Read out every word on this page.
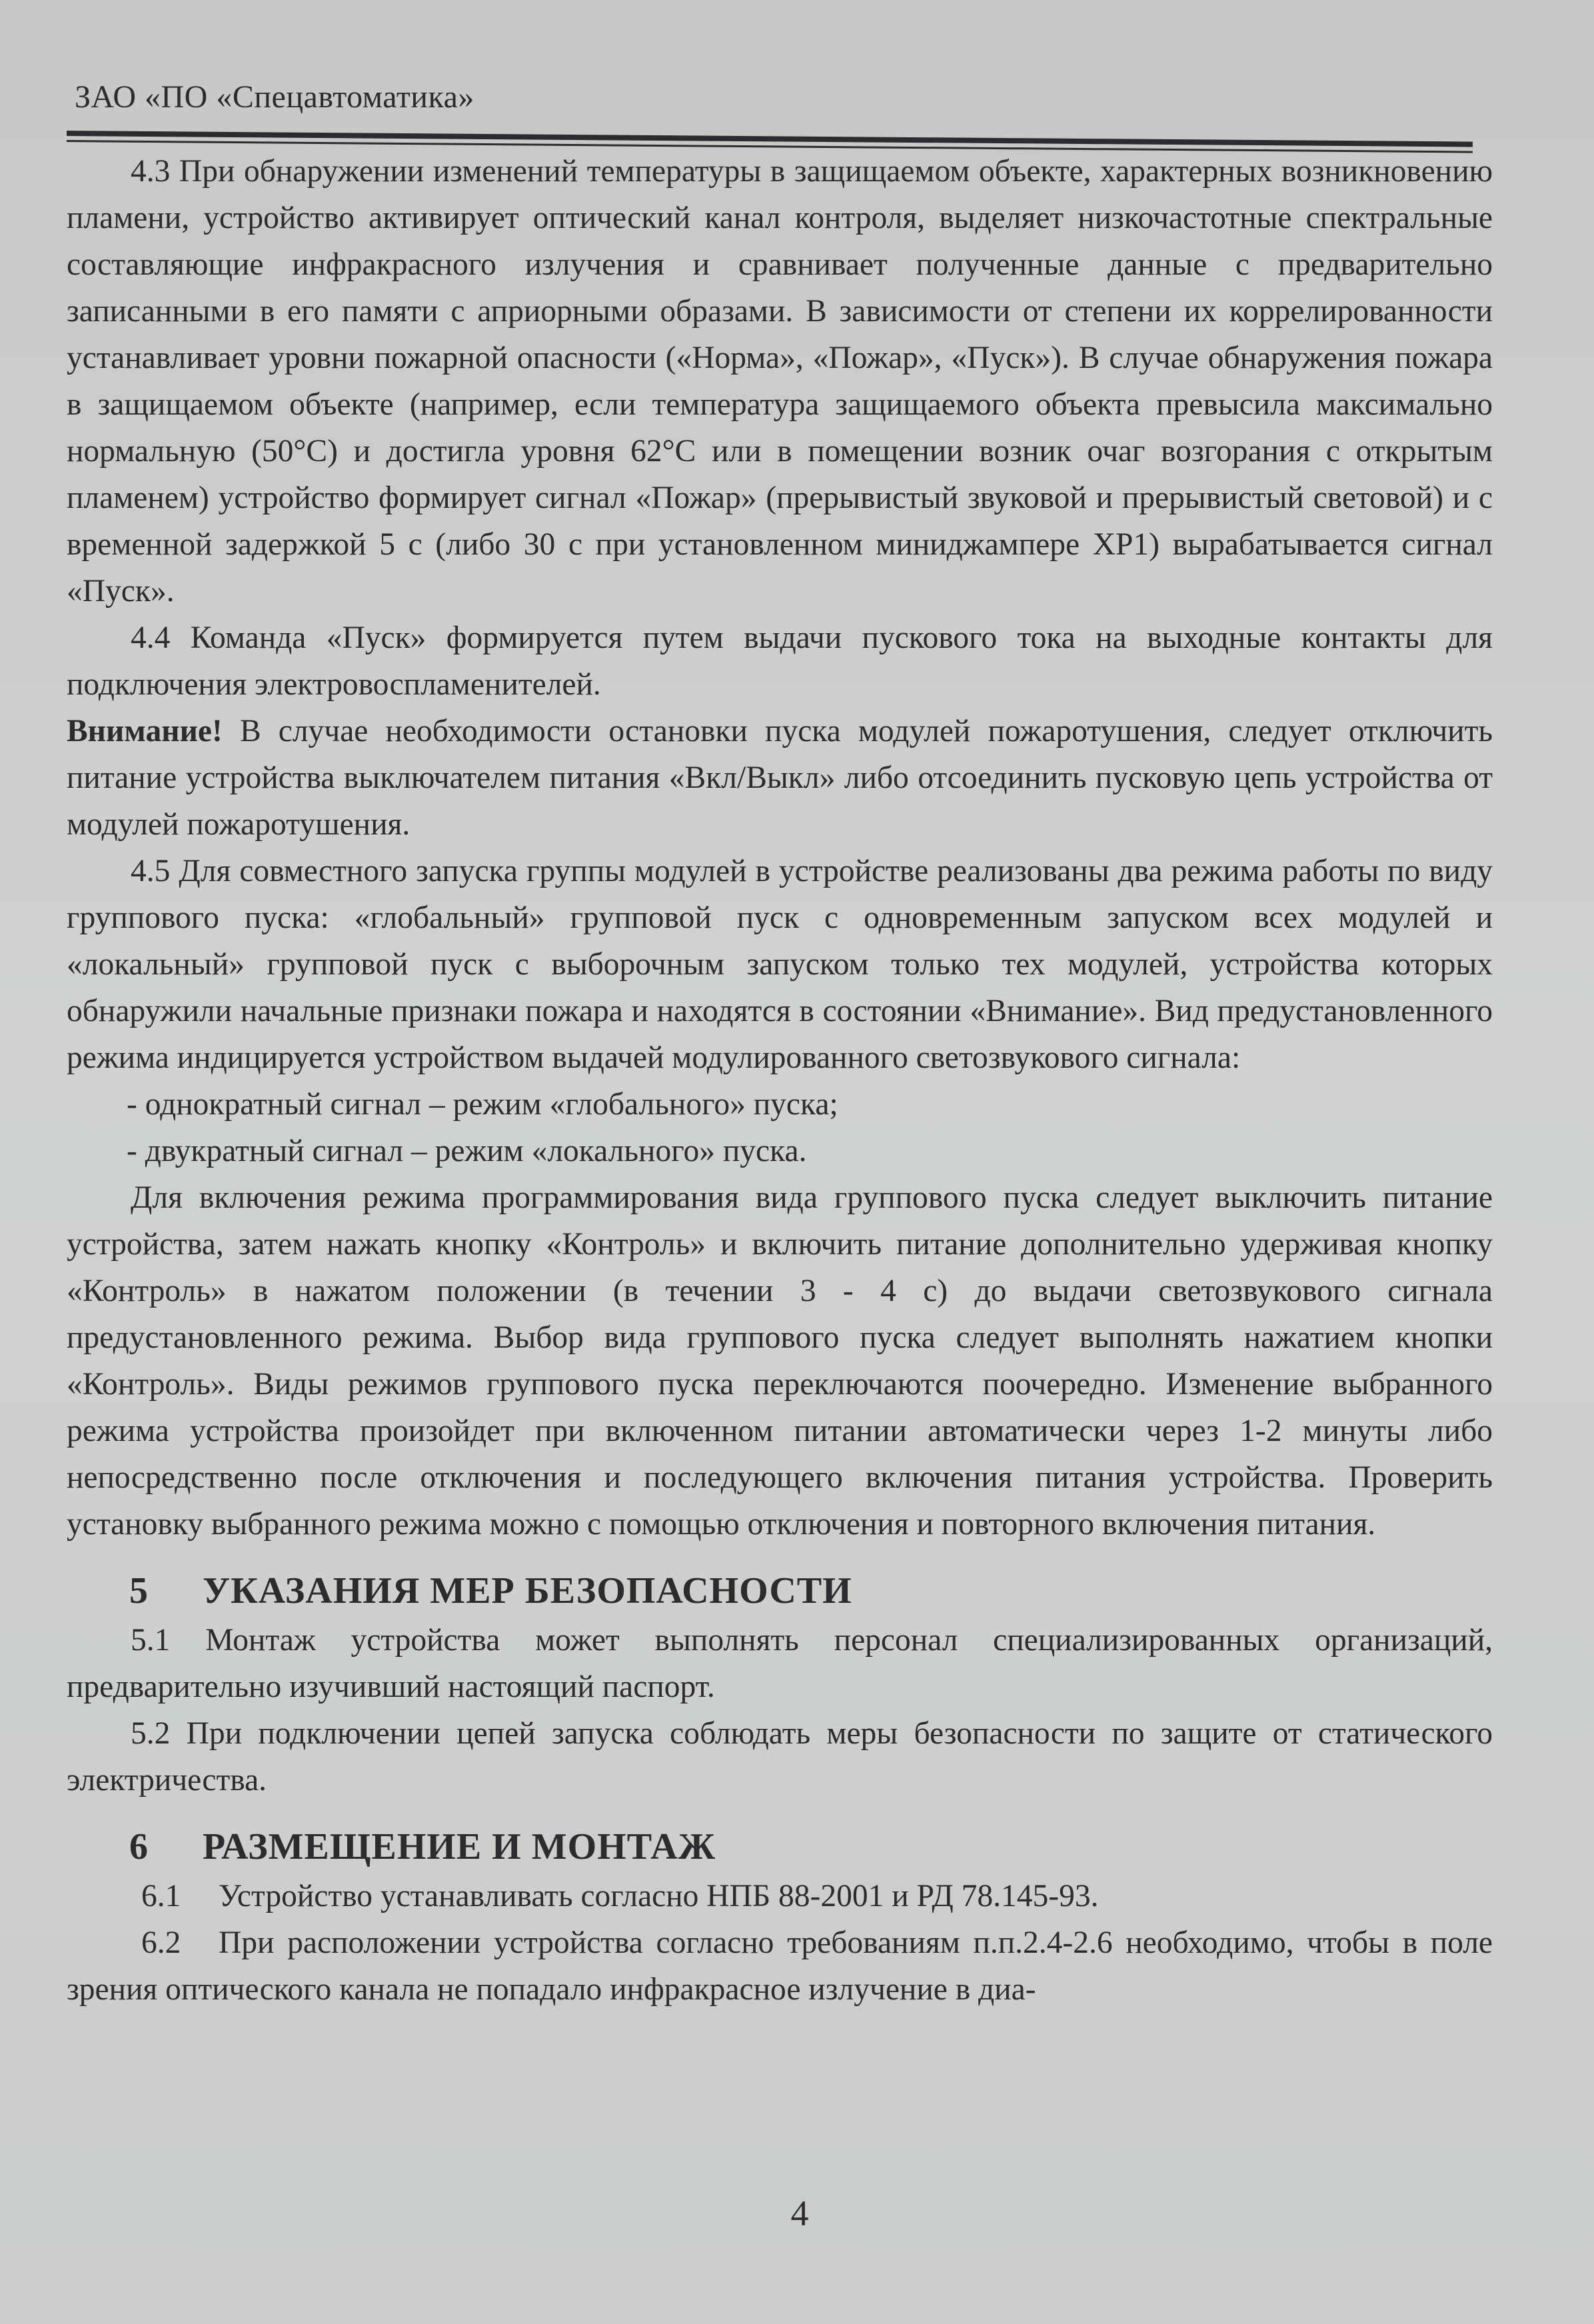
ЗАО «ПО «Спецавтоматика»

4.3 При обнаружении изменений температуры в защищаемом объекте, характерных возникновению пламени, устройство активирует оптический канал контроля, выделяет низкочастотные спектральные составляющие инфракрасного излучения и сравнивает полученные данные с предварительно записанными в его памяти с априорными образами. В зависимости от степени их коррелированности устанавливает уровни пожарной опасности («Норма», «Пожар», «Пуск»). В случае обнаружения пожара в защищаемом объекте (например, если температура защищаемого объекта превысила максимально нормальную (50°С) и достигла уровня 62°С или в помещении возник очаг возгорания с открытым пламенем) устройство формирует сигнал «Пожар» (прерывистый звуковой и прерывистый световой) и с временной задержкой 5 с (либо 30 с при установленном миниджампере XP1) вырабатывается сигнал «Пуск».

4.4 Команда «Пуск» формируется путем выдачи пускового тока на выходные контакты для подключения электровоспламенителей.

Внимание! В случае необходимости остановки пуска модулей пожаротушения, следует отключить питание устройства выключателем питания «Вкл/Выкл» либо отсоединить пусковую цепь устройства от модулей пожаротушения.

4.5 Для совместного запуска группы модулей в устройстве реализованы два режима работы по виду группового пуска: «глобальный» групповой пуск с одновременным запуском всех модулей и «локальный» групповой пуск с выборочным запуском только тех модулей, устройства которых обнаружили начальные признаки пожара и находятся в состоянии «Внимание». Вид предустановленного режима индицируется устройством выдачей модулированного светозвукового сигнала:

- однократный сигнал – режим «глобального» пуска;

- двукратный сигнал – режим «локального» пуска.

Для включения режима программирования вида группового пуска следует выключить питание устройства, затем нажать кнопку «Контроль» и включить питание дополнительно удерживая кнопку «Контроль» в нажатом положении (в течении 3 - 4 с) до выдачи светозвукового сигнала предустановленного режима. Выбор вида группового пуска следует выполнять нажатием кнопки «Контроль». Виды режимов группового пуска переключаются поочередно. Изменение выбранного режима устройства произойдет при включенном питании автоматически через 1-2 минуты либо непосредственно после отключения и последующего включения питания устройства. Проверить установку выбранного режима можно с помощью отключения и повторного включения питания.

5 УКАЗАНИЯ МЕР БЕЗОПАСНОСТИ

5.1 Монтаж устройства может выполнять персонал специализированных организаций, предварительно изучивший настоящий паспорт.

5.2 При подключении цепей запуска соблюдать меры безопасности по защите от статического электричества.

6 РАЗМЕЩЕНИЕ И МОНТАЖ

6.1 Устройство устанавливать согласно НПБ 88-2001 и РД 78.145-93.

6.2 При расположении устройства согласно требованиям п.п.2.4-2.6 необходимо, чтобы в поле зрения оптического канала не попадало инфракрасное излучение в диа-

4
